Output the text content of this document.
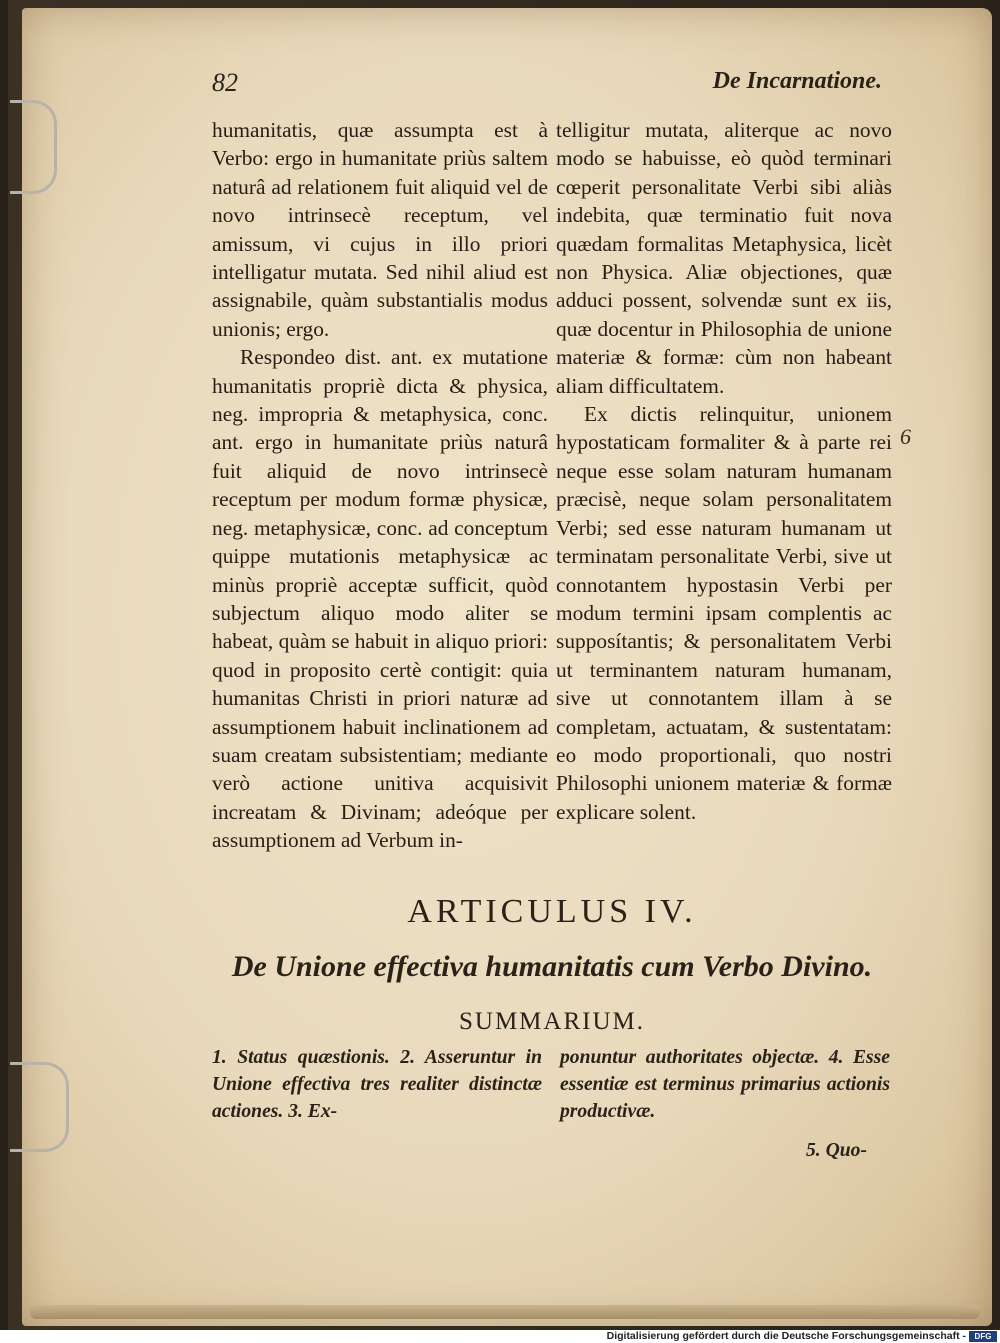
82	De Incarnatione.

humanitatis, quæ assumpta est à Verbo: ergo in humanitate priùs saltem naturâ ad relationem fuit aliquid vel de novo intrinsecè receptum, vel amissum, vi cujus in illo priori intelligatur mutata. Sed nihil aliud est assignabile, quàm substantialis modus unionis; ergo.

Respondeo dist. ant. ex mutatione humanitatis propriè dicta & physica, neg. impropria & metaphysica, conc. ant. ergo in humanitate priùs naturâ fuit aliquid de novo intrinsecè receptum per modum formæ physicæ, neg. metaphysicæ, conc. ad conceptum quippe mutationis metaphysicæ ac minùs propriè acceptæ sufficit, quòd subjectum aliquo modo aliter se habeat, quàm se habuit in aliquo priori: quod in proposito certè contigit: quia humanitas Christi in priori naturæ ad assumptionem habuit inclinationem ad suam creatam subsistentiam; mediante verò actione unitiva acquisivit increatam & Divinam; adeóque per assumptionem ad Verbum in-

telligitur mutata, aliterque ac novo modo se habuisse, eò quòd terminari cœperit personalitate Verbi sibi aliàs indebita, quæ terminatio fuit nova quædam formalitas Metaphysica, licèt non Physica. Aliæ objectiones, quæ adduci possent, solvendæ sunt ex iis, quæ docentur in Philosophia de unione materiæ & formæ: cùm non habeant aliam difficultatem.

Ex dictis relinquitur, unionem hypostaticam formaliter & à parte rei neque esse solam naturam humanam præcisè, neque solam personalitatem Verbi; sed esse naturam humanam ut terminatam personalitate Verbi, sive ut connotantem hypostasin Verbi per modum termini ipsam complentis ac supposítantis; & personalitatem Verbi ut terminantem naturam humanam, sive ut connotantem illam à se completam, actuatam, & sustentatam: eo modo proportionali, quo nostri Philosophi unionem materiæ & formæ explicare solent.

6
ARTICULUS IV.
De Unione effectiva humanitatis cum Verbo Divino.
SUMMARIUM.

1. Status quæstionis. 2. Asseruntur in Unione effectiva tres realiter distinctæ actiones. 3. Ex-

ponuntur authoritates objectæ. 4. Esse essentiæ est terminus primarius actionis productivæ.

5. Quo-
Digitalisierung gefördert durch die Deutsche Forschungsgemeinschaft -	DFG
